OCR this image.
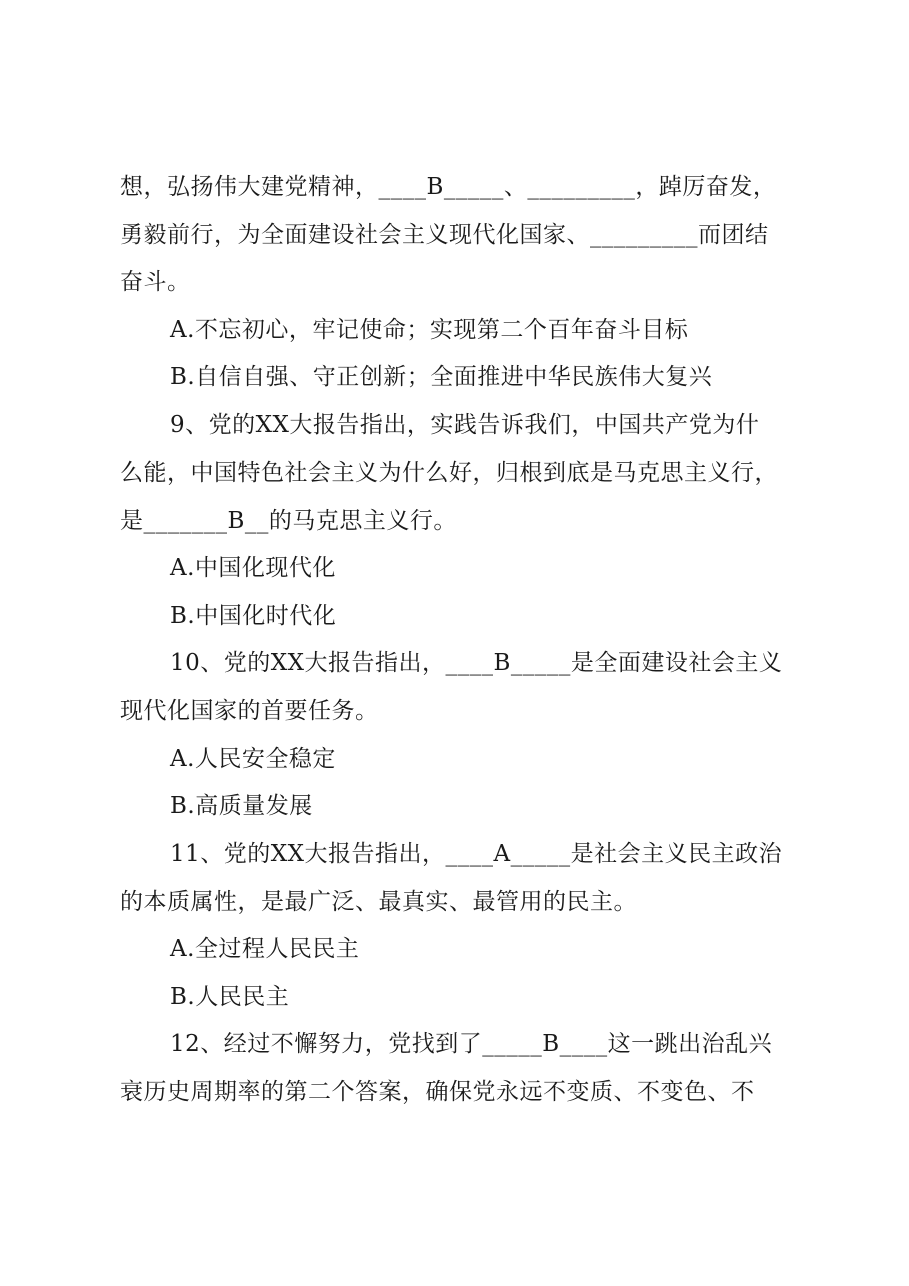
想，弘扬伟大建党精神，____B_____、_________，踔厉奋发，
勇毅前行，为全面建设社会主义现代化国家、_________而团结
奋斗。
A.不忘初心，牢记使命；实现第二个百年奋斗目标
B.自信自强、守正创新；全面推进中华民族伟大复兴
9、党的XX大报告指出，实践告诉我们，中国共产党为什
么能，中国特色社会主义为什么好，归根到底是马克思主义行，
是_______B__的马克思主义行。
A.中国化现代化
B.中国化时代化
10、党的XX大报告指出，____B_____是全面建设社会主义
现代化国家的首要任务。
A.人民安全稳定
B.高质量发展
11、党的XX大报告指出，____A_____是社会主义民主政治
的本质属性，是最广泛、最真实、最管用的民主。
A.全过程人民民主
B.人民民主
12、经过不懈努力，党找到了_____B____这一跳出治乱兴
衰历史周期率的第二个答案，确保党永远不变质、不变色、不
